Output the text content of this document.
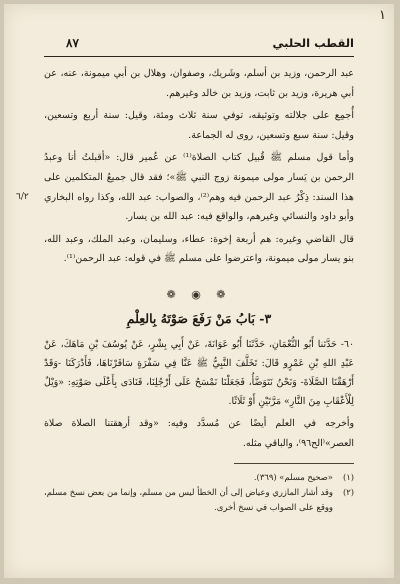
١
القطب الحلبي
٨٧
٦/٢

عبد الرحمن، وزيد بن أسلم، وشَريك، وصفوان، وهلال بن أبي ميمونة، عنه، عن أبي هريرة، وزيد بن ثابت، وزيد بن خالد وغيرهم.

أُجمِع على جلالته وتوثيقه، توفي سنة ثلاث ومئة، وقيل: سنة أربع وتسعين، وقيل: سنة سبع وتسعين، روى له الجماعة.

وأما قول مسلم ﷺ قُبيل كتاب الصلاة⁽¹⁾ عن عُمير قال: «أقبلتُ أنا وعبدُ الرحمن بن يَسار مولى ميمونة زوج النبي ﷺ»؛ فقد قال جميعُ المتكلمين على هذا السند: ذِكْرُ عبد الرحمن فيه وهم⁽²⁾، والصواب: عبد الله، وكذا رواه البخاري وأبو داود والنسائي وغيرهم، والواقع فيه: عبد الله بن يسار.

قال القاضي وغيره: هم أربعة إخوة: عطاء، وسليمان، وعبد الملك، وعبد الله، بنو يسار مولى ميمونة، واعترضوا على مسلم ﷺ في قوله: عبد الرحمن⁽¹⁾.

❁ ◉ ❁
٣- بَابُ مَنْ رَفَعَ صَوْتَهُ بِالعِلْمِ

٦٠- حَدَّثنا أَبُو النُّعْمَانِ، حَدَّثَنَا أَبُو عَوَانَةَ، عَنْ أَبِي بِشْرٍ، عَنْ يُوسُفَ بْنِ مَاهَكَ، عَنْ عَبْدِ اللهِ بْنِ عَمْرٍو قَالَ: تَخَلَّفَ النَّبِيُّ ﷺ عَنَّا فِي سَفْرَةٍ سَافَرْنَاهَا، فَأَدْرَكَنَا -وَقَدْ أَرْهَقْنَا الصَّلَاةَ- وَنَحْنُ نَتَوَضَّأُ، فَجَعَلْنَا نَمْسَحُ عَلَى أَرْجُلِنَا، فَنَادَى بِأَعْلَى صَوْتِهِ: «وَيْلٌ لِلْأَعْقَابِ مِنَ النَّارِ» مَرَّتَيْنِ أَوْ ثَلَاثًا.

وأخرجه في العلم أيضًا عن مُسدَّد وفيه: «وقد أرهقتنا الصلاة صلاة العصر»⁽الح٩٦⁾، والباقي مثله.

(١)
«صحيح مسلم» (٣٦٩).
(٢)
وقد أشار المازري وعياض إلى أن الخطأ ليس من مسلم، وإنما من بعض نسخ مسلم، ووقع على الصواب في نسخ أخرى.
